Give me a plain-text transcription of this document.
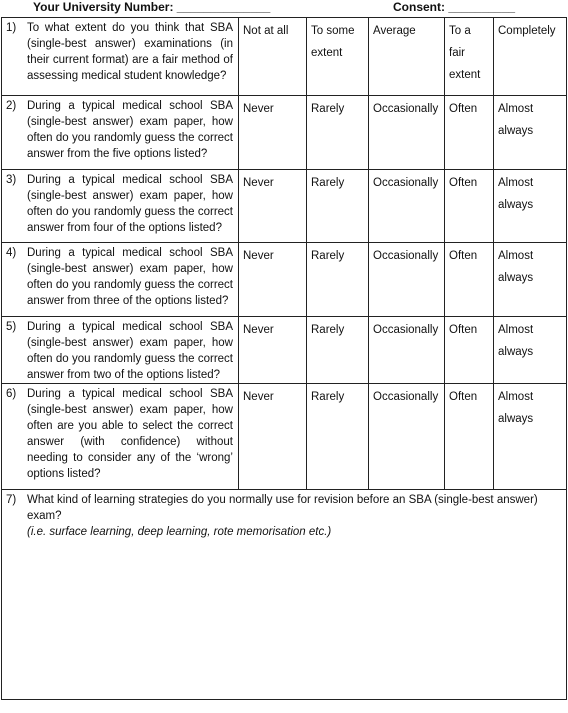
Your University Number: ______________	Consent: __________
1) To what extent do you think that SBA (single-best answer) examinations (in their current format) are a fair method of assessing medical student knowledge?	Not at all	To some extent	Average	To a fair extent	Completely

2) During a typical medical school SBA (single-best answer) exam paper, how often do you randomly guess the correct answer from the five options listed?	Never	Rarely	Occasionally	Often	Almost always

3) During a typical medical school SBA (single-best answer) exam paper, how often do you randomly guess the correct answer from four of the options listed?	Never	Rarely	Occasionally	Often	Almost always

4) During a typical medical school SBA (single-best answer) exam paper, how often do you randomly guess the correct answer from three of the options listed?	Never	Rarely	Occasionally	Often	Almost always

5) During a typical medical school SBA (single-best answer) exam paper, how often do you randomly guess the correct answer from two of the options listed?	Never	Rarely	Occasionally	Often	Almost always

6) During a typical medical school SBA (single-best answer) exam paper, how often are you able to select the correct answer (with confidence) without needing to consider any of the ‘wrong’ options listed?	Never	Rarely	Occasionally	Often	Almost always

7) What kind of learning strategies do you normally use for revision before an SBA (single-best answer) exam?
(i.e. surface learning, deep learning, rote memorisation etc.)					
